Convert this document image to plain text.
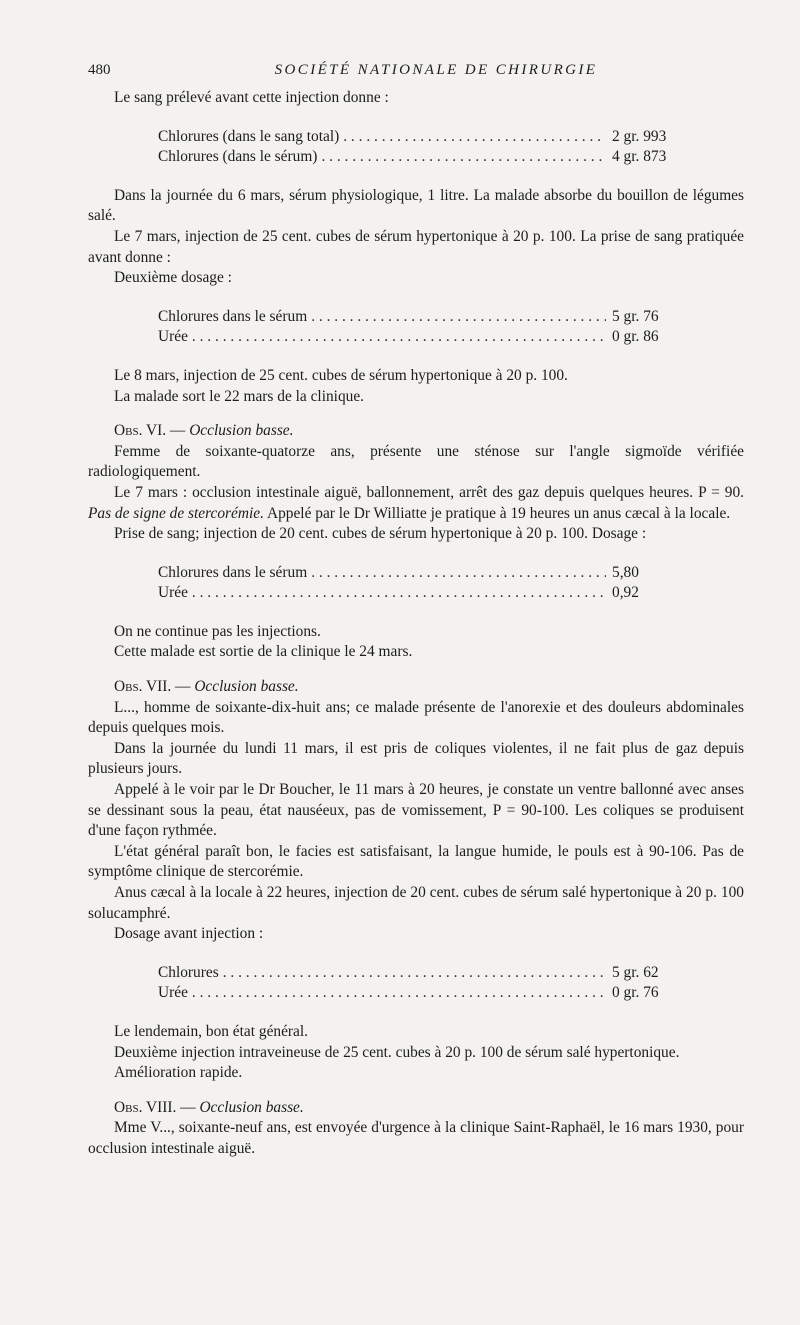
480	SOCIÉTÉ NATIONALE DE CHIRURGIE

Le sang prélevé avant cette injection donne :

Chlorures (dans le sang total) . . .	2 gr. 993
Chlorures (dans le sérum) . . .	4 gr. 873

Dans la journée du 6 mars, sérum physiologique, 1 litre. La malade absorbe du bouillon de légumes salé.

Le 7 mars, injection de 25 cent. cubes de sérum hypertonique à 20 p. 100. La prise de sang pratiquée avant donne :

Deuxième dosage :

Chlorures dans le sérum . . .	5 gr. 76
Urée . . .	0 gr. 86

Le 8 mars, injection de 25 cent. cubes de sérum hypertonique à 20 p. 100.

La malade sort le 22 mars de la clinique.

Obs. VI. — Occlusion basse.

Femme de soixante-quatorze ans, présente une sténose sur l'angle sigmoïde vérifiée radiologiquement.

Le 7 mars : occlusion intestinale aiguë, ballonnement, arrêt des gaz depuis quelques heures. P = 90. Pas de signe de stercorémie. Appelé par le Dr Williatte je pratique à 19 heures un anus cæcal à la locale.

Prise de sang; injection de 20 cent. cubes de sérum hypertonique à 20 p. 100. Dosage :

Chlorures dans le sérum . . .	5,80
Urée . . .	0,92

On ne continue pas les injections.

Cette malade est sortie de la clinique le 24 mars.

Obs. VII. — Occlusion basse.

L..., homme de soixante-dix-huit ans; ce malade présente de l'anorexie et des douleurs abdominales depuis quelques mois.

Dans la journée du lundi 11 mars, il est pris de coliques violentes, il ne fait plus de gaz depuis plusieurs jours.

Appelé à le voir par le Dr Boucher, le 11 mars à 20 heures, je constate un ventre ballonné avec anses se dessinant sous la peau, état nauséeux, pas de vomissement, P = 90-100. Les coliques se produisent d'une façon rythmée.

L'état général paraît bon, le facies est satisfaisant, la langue humide, le pouls est à 90-106. Pas de symptôme clinique de stercorémie.

Anus cæcal à la locale à 22 heures, injection de 20 cent. cubes de sérum salé hypertonique à 20 p. 100 solucamphré.

Dosage avant injection :

Chlorures . . .	5 gr. 62
Urée . . .	0 gr. 76

Le lendemain, bon état général.

Deuxième injection intraveineuse de 25 cent. cubes à 20 p. 100 de sérum salé hypertonique.

Amélioration rapide.

Obs. VIII. — Occlusion basse.

Mme V..., soixante-neuf ans, est envoyée d'urgence à la clinique Saint-Raphaël, le 16 mars 1930, pour occlusion intestinale aiguë.
